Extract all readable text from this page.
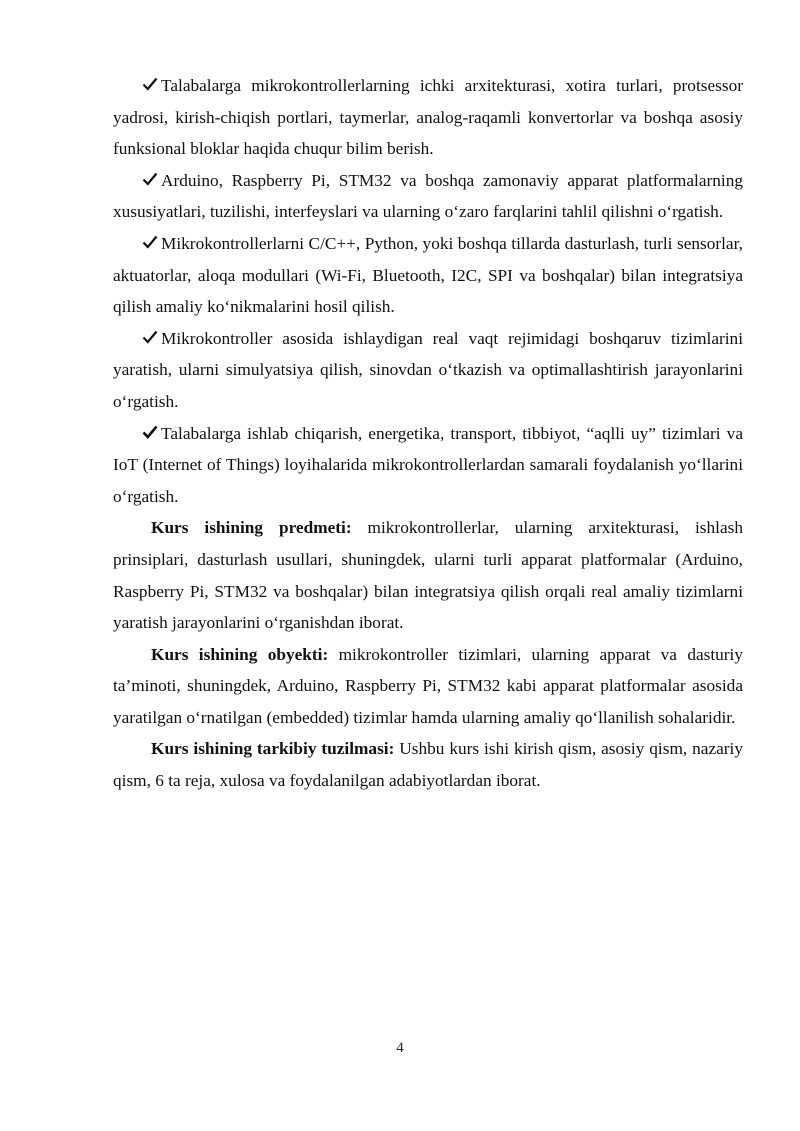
Talabalarga mikrokontrollerlarning ichki arxitekturasi, xotira turlari, protsessor yadrosi, kirish-chiqish portlari, taymerlar, analog-raqamli konvertorlar va boshqa asosiy funksional bloklar haqida chuqur bilim berish.

Arduino, Raspberry Pi, STM32 va boshqa zamonaviy apparat platformalarning xususiyatlari, tuzilishi, interfeyslari va ularning o‘zaro farqlarini tahlil qilishni o‘rgatish.

Mikrokontrollerlarni C/C++, Python, yoki boshqa tillarda dasturlash, turli sensorlar, aktuatorlar, aloqa modullari (Wi-Fi, Bluetooth, I2C, SPI va boshqalar) bilan integratsiya qilish amaliy ko‘nikmalarini hosil qilish.

Mikrokontroller asosida ishlaydigan real vaqt rejimidagi boshqaruv tizimlarini yaratish, ularni simulyatsiya qilish, sinovdan o‘tkazish va optimallashtirish jarayonlarini o‘rgatish.

Talabalarga ishlab chiqarish, energetika, transport, tibbiyot, “aqlli uy” tizimlari va IoT (Internet of Things) loyihalarida mikrokontrollerlardan samarali foydalanish yo‘llarini o‘rgatish.

Kurs ishining predmeti: mikrokontrollerlar, ularning arxitekturasi, ishlash prinsiplari, dasturlash usullari, shuningdek, ularni turli apparat platformalar (Arduino, Raspberry Pi, STM32 va boshqalar) bilan integratsiya qilish orqali real amaliy tizimlarni yaratish jarayonlarini o‘rganishdan iborat.

Kurs ishining obyekti: mikrokontroller tizimlari, ularning apparat va dasturiy ta’minoti, shuningdek, Arduino, Raspberry Pi, STM32 kabi apparat platformalar asosida yaratilgan o‘rnatilgan (embedded) tizimlar hamda ularning amaliy qo‘llanilish sohalaridir.

Kurs ishining tarkibiy tuzilmasi: Ushbu kurs ishi kirish qism, asosiy qism, nazariy qism, 6 ta reja, xulosa va foydalanilgan adabiyotlardan iborat.

4
